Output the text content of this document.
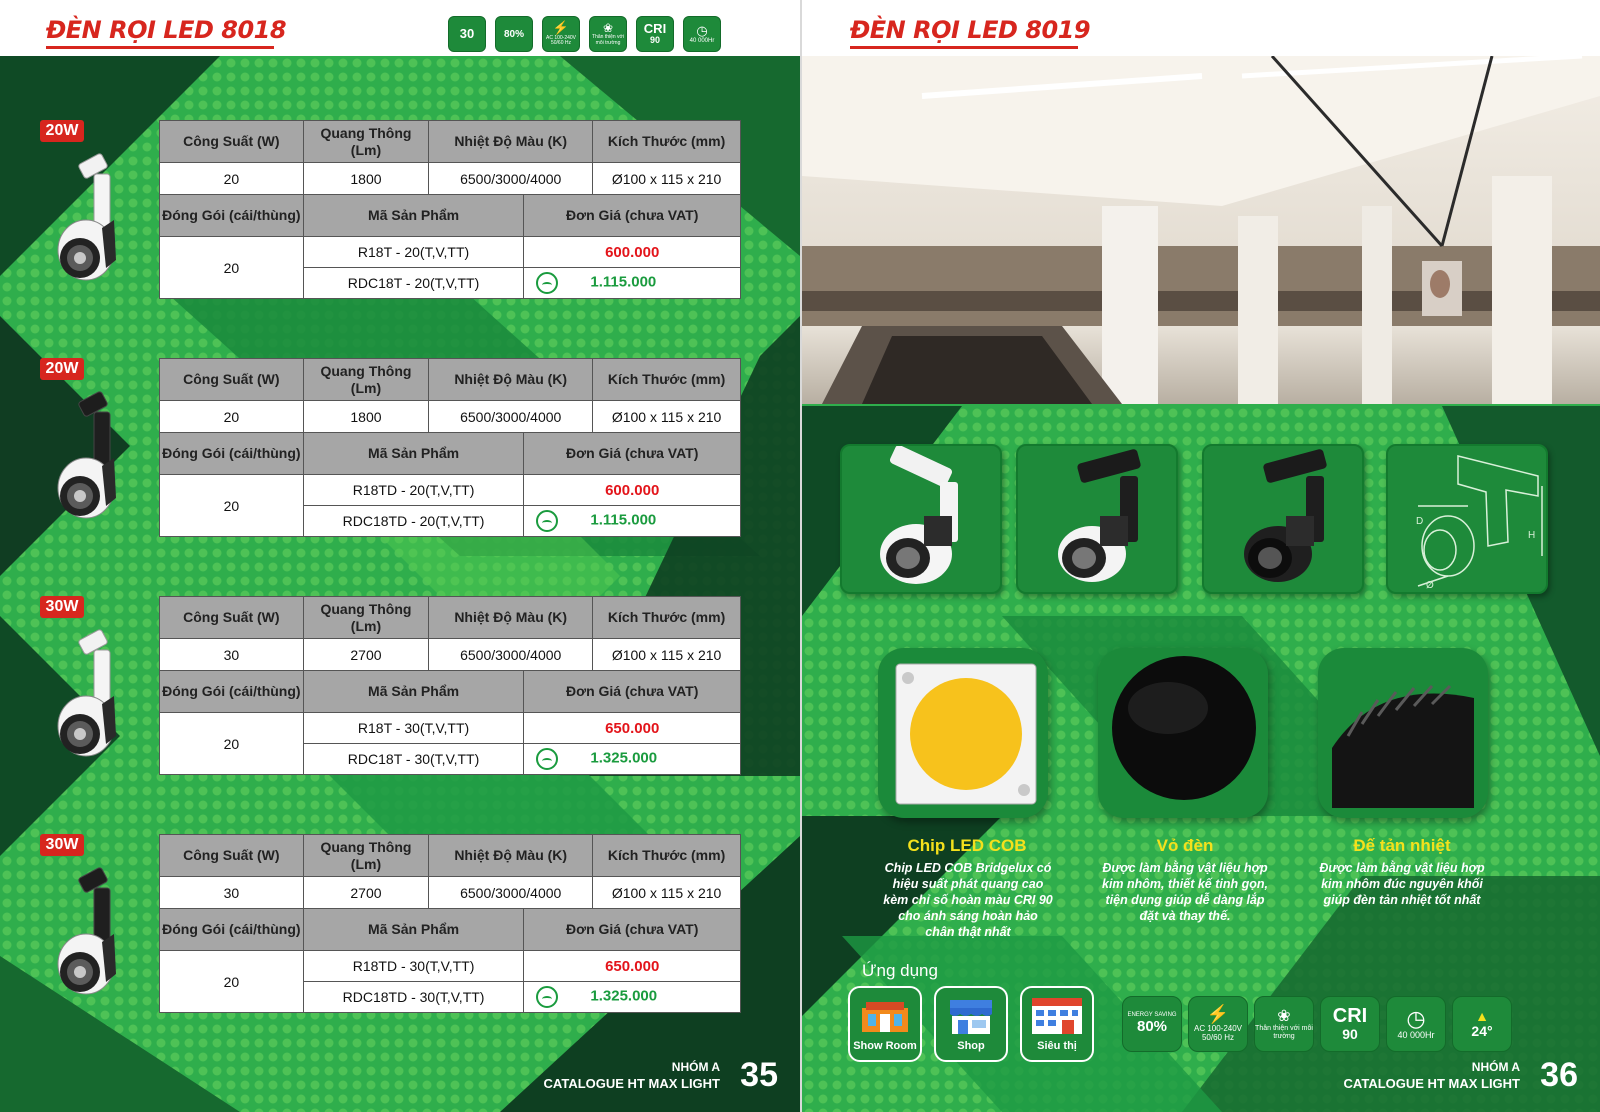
ĐÈN RỌI LED 8018	30	80% ⚡
AC 100-240V 50/60 Hz
❀
Thân thiện với môi trường
CRI
90
◷
40 000Hr
20W
Công Suất (W)	Quang Thông (Lm)	Nhiệt Độ Màu (K)	Kích Thước (mm)
20	1800	6500/3000/4000	Ø100 x 115 x 210
Đóng Gói (cái/thùng)	Mã Sản Phẩm	Đơn Giá (chưa VAT)
20	R18T - 20(T,V,TT)	600.000
	RDC18T - 20(T,V,TT)	1.115.000
20W
Công Suất (W)	Quang Thông (Lm)	Nhiệt Độ Màu (K)	Kích Thước (mm)
20	1800	6500/3000/4000	Ø100 x 115 x 210
Đóng Gói (cái/thùng)	Mã Sản Phẩm	Đơn Giá (chưa VAT)
20	R18TD - 20(T,V,TT)	600.000
	RDC18TD - 20(T,V,TT)	1.115.000
30W
Công Suất (W)	Quang Thông (Lm)	Nhiệt Độ Màu (K)	Kích Thước (mm)
30	2700	6500/3000/4000	Ø100 x 115 x 210
Đóng Gói (cái/thùng)	Mã Sản Phẩm	Đơn Giá (chưa VAT)
20	R18T - 30(T,V,TT)	650.000
	RDC18T - 30(T,V,TT)	1.325.000
30W
Công Suất (W)	Quang Thông (Lm)	Nhiệt Độ Màu (K)	Kích Thước (mm)
30	2700	6500/3000/4000	Ø100 x 115 x 210
Đóng Gói (cái/thùng)	Mã Sản Phẩm	Đơn Giá (chưa VAT)
20	R18TD - 30(T,V,TT)	650.000
	RDC18TD - 30(T,V,TT)	1.325.000
NHÓM A
CATALOGUE HT MAX LIGHT 35
ĐÈN RỌI LED 8019
D
H
Ø
Chip LED COB
Chip LED COB Bridgelux có hiệu suất phát quang cao kèm chỉ số hoàn màu CRI 90 cho ánh sáng hoàn hảo chân thật nhất
Vỏ đèn
Được làm bằng vật liệu hợp kim nhôm, thiết kế tinh gọn, tiện dụng giúp dễ dàng lắp đặt và thay thế.
Đế tản nhiệt
Được làm bằng vật liệu hợp kim nhôm đúc nguyên khối giúp đèn tản nhiệt tốt nhất
Ứng dụng
Show Room	Shop	Siêu thị
ENERGY SAVING
80%
⚡
AC 100-240V 50/60 Hz
❀
Thân thiện với môi trường
CRI
90
◷
40 000Hr
▲
24°
NHÓM A
CATALOGUE HT MAX LIGHT 36
